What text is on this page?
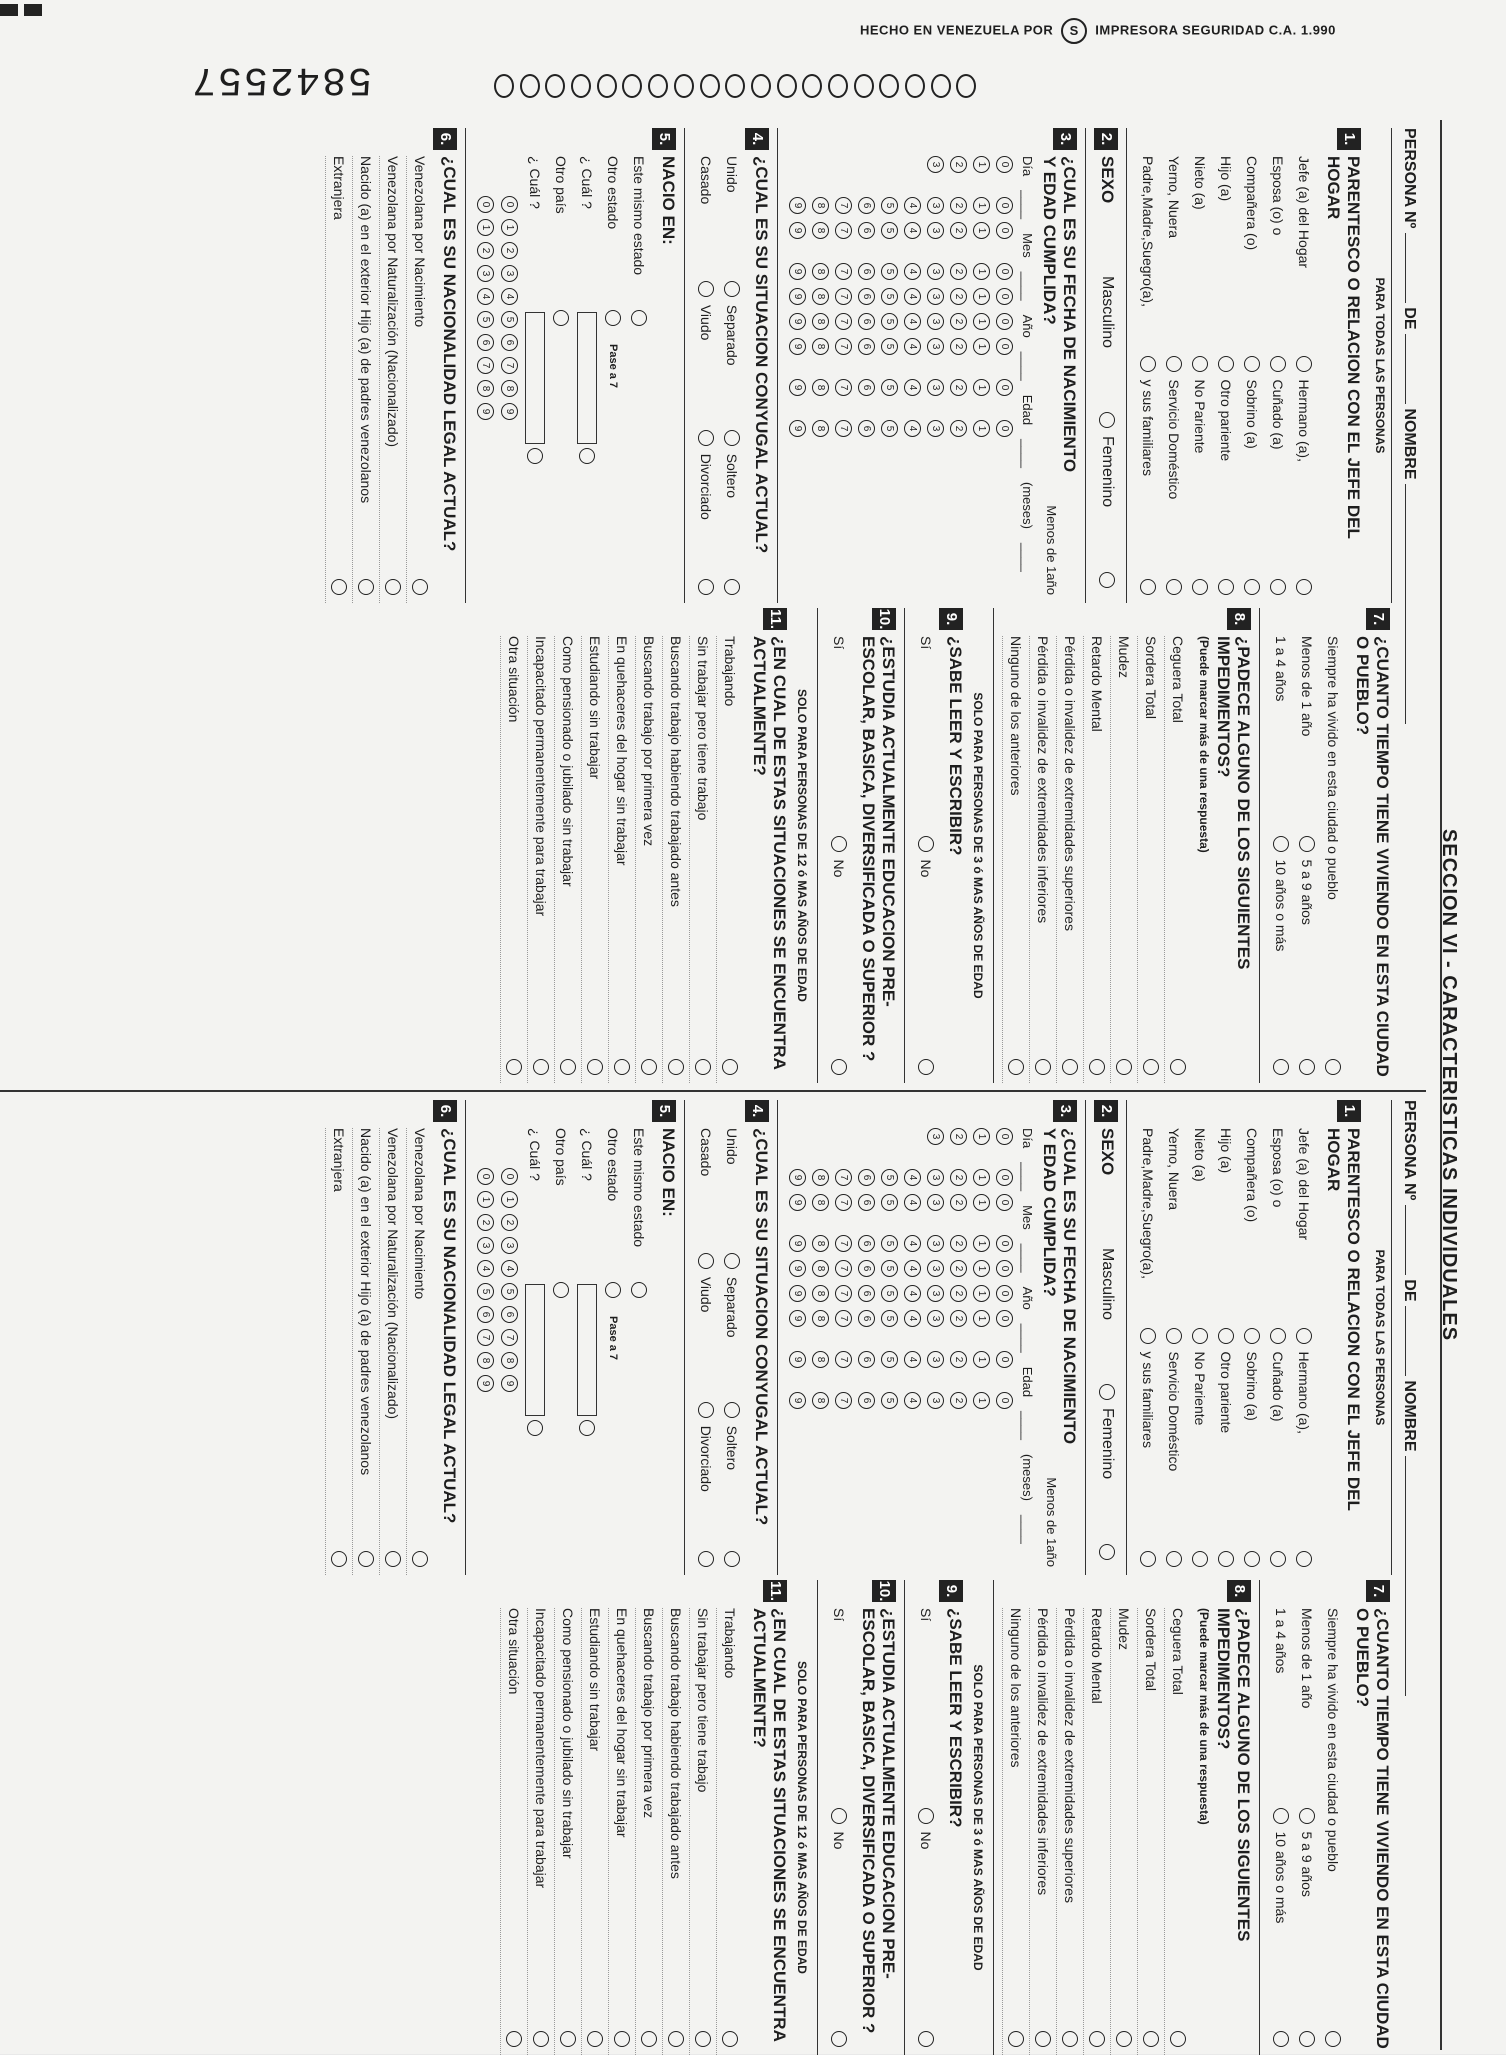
HECHO EN VENEZUELA POR S IMPRESORA SEGURIDAD C.A. 1.990
5842557
SECCION VI - CARACTERISTICAS INDIVIDUALES
PERSONA Nº  DE  NOMBRE
PARA TODAS LAS PERSONAS
1.
PARENTESCO O RELACION CON EL JEFE DEL HOGAR
Jefe (a) del Hogar
Hermano (a),
Esposa (o) o
Cuñado (a)
Compañera (o)
Sobrino (a)
Hijo (a)
Otro pariente
Nieto (a)
No Pariente
Yerno, Nuera
Servicio Doméstico
Padre,Madre,Suegro(a),
y sus familiares
2.
SEXO
Masculino
Femenino
3.
¿CUAL ES SU FECHA DE NACIMIENTO Y EDAD CUMPLIDA?
Menos de 1año
Día
____
Mes
____
Año
____
Edad
____
(meses)
____
0
0
0
0
0
0
0
0
0
1
1
1
1
1
1
1
1
1
2
2
2
2
2
2
2
2
2
3
3
3
3
3
3
3
3
3
4
4
4
4
4
4
4
4
5
5
5
5
5
5
5
5
6
6
6
6
6
6
6
6
7
7
7
7
7
7
7
7
8
8
8
8
8
8
8
8
9
9
9
9
9
9
9
9
4.
¿CUAL ES SU SITUACION CONYUGAL ACTUAL?
Unido
Separado
Soltero
Casado
Viudo
Divorciado
5.
NACIO EN:
Este mismo estado
Otro estado
Pase a 7
¿ Cuál ?
Otro país
¿ Cuál ?
0
1
2
3
4
5
6
7
8
9
0
1
2
3
4
5
6
7
8
9
6.
¿CUAL ES SU NACIONALIDAD LEGAL ACTUAL?
Venezolana por Nacimiento
Venezolana por Naturalización (Nacionalizado)
Nacido (a) en el exterior Hijo (a) de padres venezolanos
Extranjera
7.
¿CUANTO TIEMPO TIENE VIVIENDO EN ESTA CIUDAD O PUEBLO?
Siempre ha vivido en esta ciudad o pueblo
Menos de 1 año
5 a 9 años
1 a 4 años
10 años o más
8.
¿PADECE ALGUNO DE LOS SIGUIENTES IMPEDIMENTOS?
(Puede marcar más de una respuesta)
Ceguera Total
Sordera Total
Mudez
Retardo Mental
Pérdida o invalidez de extremidades superiores
Pérdida o invalidez de extremidades inferiores
Ninguno de los anteriores
SOLO PARA PERSONAS DE 3 ó MAS AÑOS DE EDAD
9.
¿SABE LEER Y ESCRIBIR?
Sí
No
10.
¿ESTUDIA ACTUALMENTE EDUCACION PRE-ESCOLAR, BASICA, DIVERSIFICADA O SUPERIOR ?
Sí
No
SOLO PARA PERSONAS DE 12 ó MAS AÑOS DE EDAD
11.
¿EN CUAL DE ESTAS SITUACIONES SE ENCUENTRA ACTUALMENTE?
Trabajando
Sin trabajar pero tiene trabajo
Buscando trabajo habiendo trabajado antes
Buscando trabajo por primera vez
En quehaceres del hogar sin trabajar
Estudiando sin trabajar
Como pensionado o jubilado sin trabajar
Incapacitado permanentemente para trabajar
Otra situación
PERSONA Nº  DE  NOMBRE
PARA TODAS LAS PERSONAS
1.
PARENTESCO O RELACION CON EL JEFE DEL HOGAR
Jefe (a) del Hogar
Hermano (a),
Esposa (o) o
Cuñado (a)
Compañera (o)
Sobrino (a)
Hijo (a)
Otro pariente
Nieto (a)
No Pariente
Yerno, Nuera
Servicio Doméstico
Padre,Madre,Suegro(a),
y sus familiares
2.
SEXO
Masculino
Femenino
3.
¿CUAL ES SU FECHA DE NACIMIENTO Y EDAD CUMPLIDA?
Menos de 1año
Día
____
Mes
____
Año
____
Edad
____
(meses)
____
0
0
0
0
0
0
0
0
0
1
1
1
1
1
1
1
1
1
2
2
2
2
2
2
2
2
2
3
3
3
3
3
3
3
3
3
4
4
4
4
4
4
4
4
5
5
5
5
5
5
5
5
6
6
6
6
6
6
6
6
7
7
7
7
7
7
7
7
8
8
8
8
8
8
8
8
9
9
9
9
9
9
9
9
4.
¿CUAL ES SU SITUACION CONYUGAL ACTUAL?
Unido
Separado
Soltero
Casado
Viudo
Divorciado
5.
NACIO EN:
Este mismo estado
Otro estado
Pase a 7
¿ Cuál ?
Otro país
¿ Cuál ?
0
1
2
3
4
5
6
7
8
9
0
1
2
3
4
5
6
7
8
9
6.
¿CUAL ES SU NACIONALIDAD LEGAL ACTUAL?
Venezolana por Nacimiento
Venezolana por Naturalización (Nacionalizado)
Nacido (a) en el exterior Hijo (a) de padres venezolanos
Extranjera
7.
¿CUANTO TIEMPO TIENE VIVIENDO EN ESTA CIUDAD O PUEBLO?
Siempre ha vivido en esta ciudad o pueblo
Menos de 1 año
5 a 9 años
1 a 4 años
10 años o más
8.
¿PADECE ALGUNO DE LOS SIGUIENTES IMPEDIMENTOS?
(Puede marcar más de una respuesta)
Ceguera Total
Sordera Total
Mudez
Retardo Mental
Pérdida o invalidez de extremidades superiores
Pérdida o invalidez de extremidades inferiores
Ninguno de los anteriores
SOLO PARA PERSONAS DE 3 ó MAS AÑOS DE EDAD
9.
¿SABE LEER Y ESCRIBIR?
Sí
No
10.
¿ESTUDIA ACTUALMENTE EDUCACION PRE-ESCOLAR, BASICA, DIVERSIFICADA O SUPERIOR ?
Sí
No
SOLO PARA PERSONAS DE 12 ó MAS AÑOS DE EDAD
11.
¿EN CUAL DE ESTAS SITUACIONES SE ENCUENTRA ACTUALMENTE?
Trabajando
Sin trabajar pero tiene trabajo
Buscando trabajo habiendo trabajado antes
Buscando trabajo por primera vez
En quehaceres del hogar sin trabajar
Estudiando sin trabajar
Como pensionado o jubilado sin trabajar
Incapacitado permanentemente para trabajar
Otra situación
